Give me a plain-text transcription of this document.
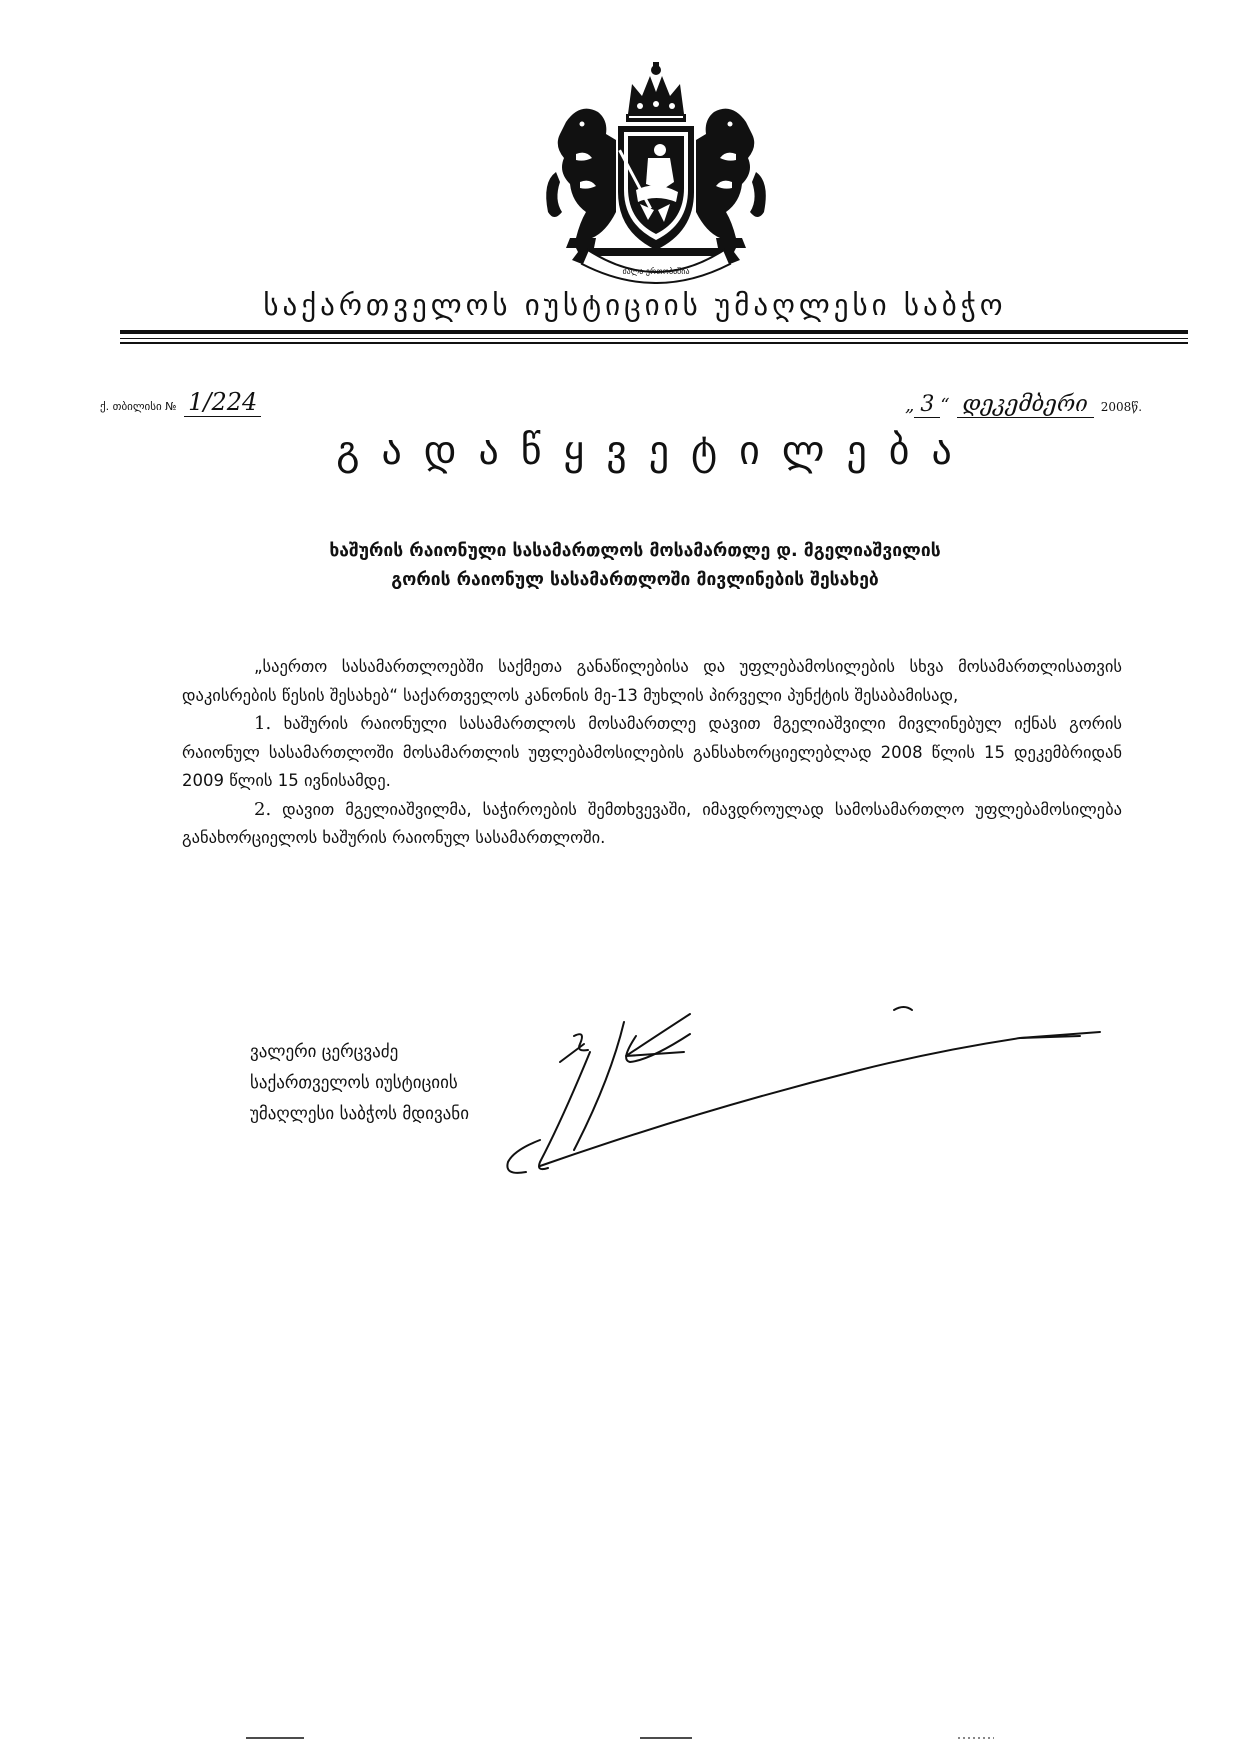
ძალა ერთობაშია
საქართველოს იუსტიციის უმაღლესი საბჭო
ქ. თბილისი № 1/224	„ 3 “ დეკემბერი 2008წ.
გადაწყვეტილება
ხაშურის რაიონული სასამართლოს მოსამართლე დ. მგელიაშვილის
გორის რაიონულ სასამართლოში მივლინების შესახებ

„საერთო სასამართლოებში საქმეთა განაწილებისა და უფლებამოსილების სხვა მოსამართლისათვის დაკისრების წესის შესახებ“ საქართველოს კანონის მე-13 მუხლის პირველი პუნქტის შესაბამისად,

1. ხაშურის რაიონული სასამართლოს მოსამართლე დავით მგელიაშვილი მივლინებულ იქნას გორის რაიონულ სასამართლოში მოსამართლის უფლებამოსილების განსახორციელებლად 2008 წლის 15 დეკემბრიდან 2009 წლის 15 ივნისამდე.

2. დავით მგელიაშვილმა, საჭიროების შემთხვევაში, იმავდროულად სამოსამართლო უფლებამოსილება განახორციელოს ხაშურის რაიონულ სასამართლოში.

ვალერი ცერცვაძე
საქართველოს იუსტიციის
უმაღლესი საბჭოს მდივანი
